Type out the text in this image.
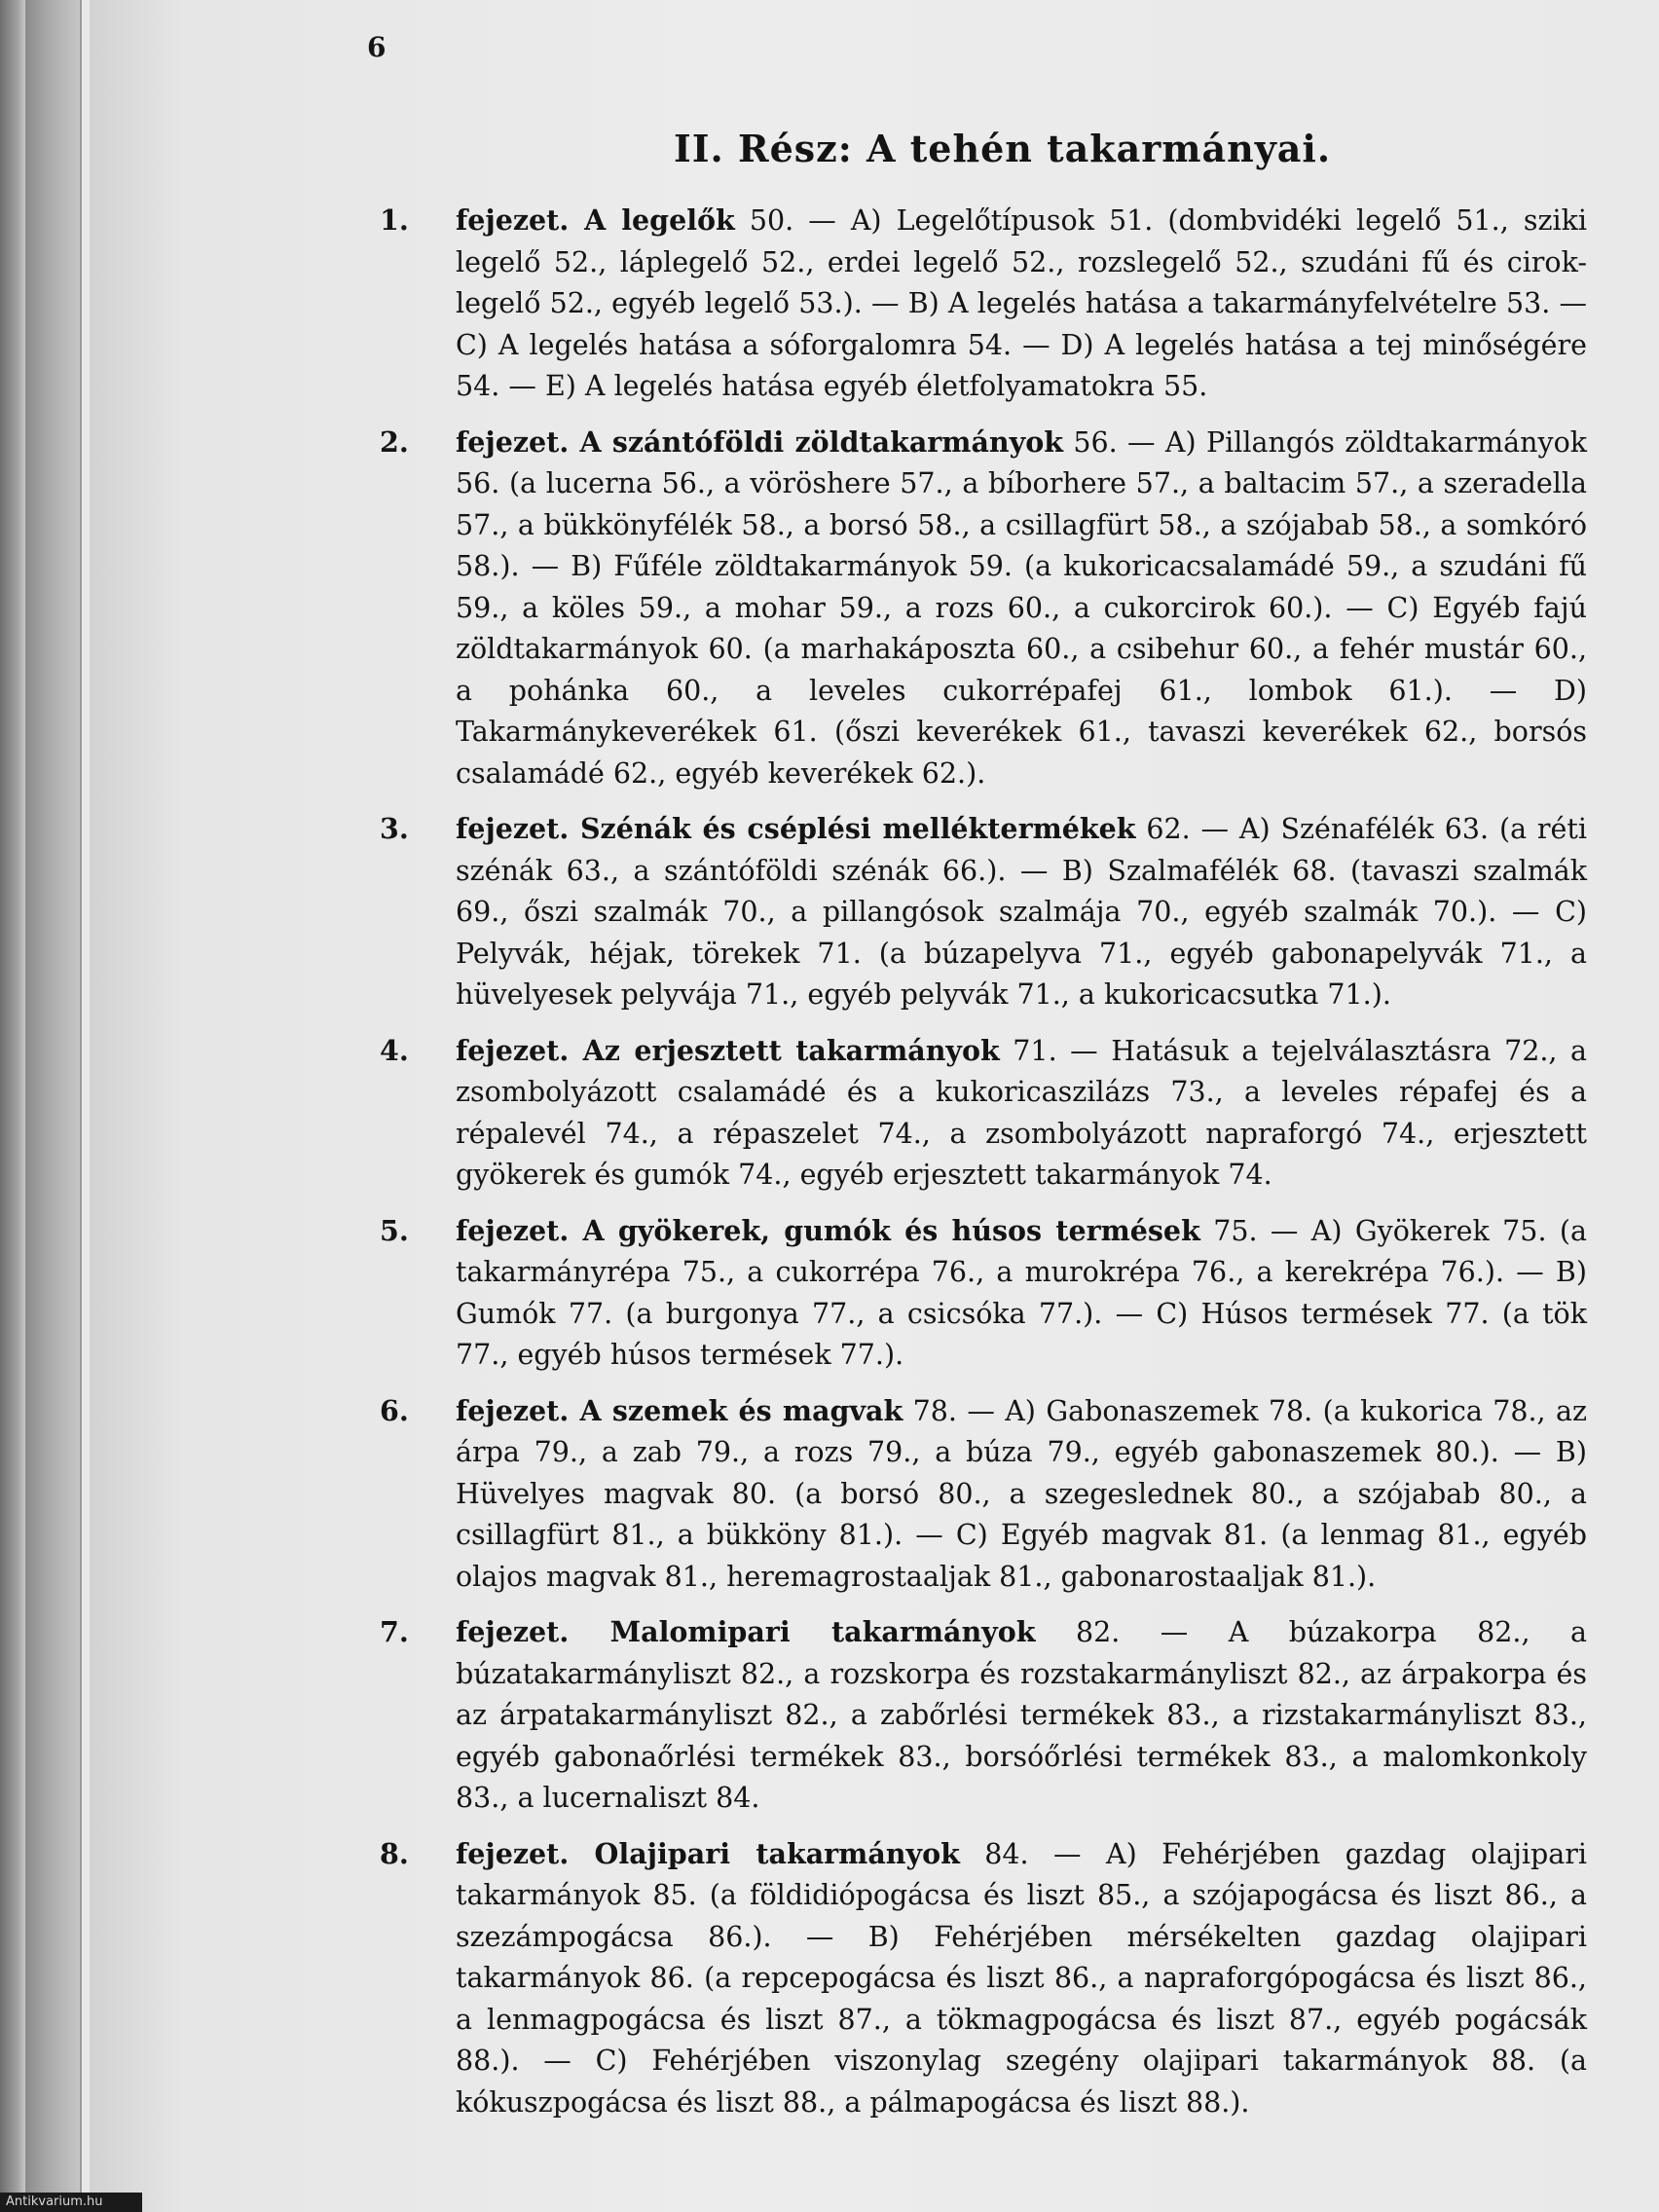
6
II. Rész: A tehén takarmányai.
1. fejezet. A legelők 50. — A) Legelőtípusok 51. (dombvidéki legelő 51., sziki legelő 52., láplegelő 52., erdei legelő 52., rozslegelő 52., szudáni fű és cirok-legelő 52., egyéb legelő 53.). — B) A legelés hatása a takarmányfelvételre 53. — C) A legelés hatása a sóforgalomra 54. — D) A legelés hatása a tej minőségére 54. — E) A legelés hatása egyéb életfolyamatokra 55.
2. fejezet. A szántóföldi zöldtakarmányok 56. — A) Pillangós zöldtakarmányok 56. (a lucerna 56., a vöröshere 57., a bíborhere 57., a baltacim 57., a szeradella 57., a bükkönyfélék 58., a borsó 58., a csillagfürt 58., a szójabab 58., a somkóró 58.). — B) Fűféle zöldtakarmányok 59. (a kukoricacsalamádé 59., a szudáni fű 59., a köles 59., a mohar 59., a rozs 60., a cukorcirok 60.). — C) Egyéb fajú zöldtakarmányok 60. (a marhakáposzta 60., a csibehur 60., a fehér mustár 60., a pohánka 60., a leveles cukorrépafej 61., lombok 61.). — D) Takarmánykeverékek 61. (őszi keverékek 61., tavaszi keverékek 62., borsós csalamádé 62., egyéb keverékek 62.).
3. fejezet. Szénák és cséplési melléktermékek 62. — A) Szénafélék 63. (a réti szénák 63., a szántóföldi szénák 66.). — B) Szalmafélék 68. (tavaszi szalmák 69., őszi szalmák 70., a pillangósok szalmája 70., egyéb szalmák 70.). — C) Pelyvák, héjak, törekek 71. (a búzapelyva 71., egyéb gabonapelyvák 71., a hüvelyesek pelyvája 71., egyéb pelyvák 71., a kukoricacsutka 71.).
4. fejezet. Az erjesztett takarmányok 71. — Hatásuk a tejelválasztásra 72., a zsombolyázott csalamádé és a kukoricaszilázs 73., a leveles répafej és a répalevél 74., a répaszelet 74., a zsombolyázott napraforgó 74., erjesztett gyökerek és gumók 74., egyéb erjesztett takarmányok 74.
5. fejezet. A gyökerek, gumók és húsos termések 75. — A) Gyökerek 75. (a takarmányrépa 75., a cukorrépa 76., a murokrépa 76., a kerekrépa 76.). — B) Gumók 77. (a burgonya 77., a csicsóka 77.). — C) Húsos termések 77. (a tök 77., egyéb húsos termések 77.).
6. fejezet. A szemek és magvak 78. — A) Gabonaszemek 78. (a kukorica 78., az árpa 79., a zab 79., a rozs 79., a búza 79., egyéb gabonaszemek 80.). — B) Hüvelyes magvak 80. (a borsó 80., a szegeslednek 80., a szójabab 80., a csillagfürt 81., a bükköny 81.). — C) Egyéb magvak 81. (a lenmag 81., egyéb olajos magvak 81., heremagrostaaljak 81., gabonarostaaljak 81.).
7. fejezet. Malomipari takarmányok 82. — A búzakorpa 82., a búzatakarmányliszt 82., a rozskorpa és rozstakarmányliszt 82., az árpakorpa és az árpatakarmányliszt 82., a zabőrlési termékek 83., a rizstakarmányliszt 83., egyéb gabonaőrlési termékek 83., borsóőrlési termékek 83., a malomkonkoly 83., a lucernaliszt 84.
8. fejezet. Olajipari takarmányok 84. — A) Fehérjében gazdag olajipari takarmányok 85. (a földidiópogácsa és liszt 85., a szójapogácsa és liszt 86., a szezámpogácsa 86.). — B) Fehérjében mérsékelten gazdag olajipari takarmányok 86. (a repcepogácsa és liszt 86., a napraforgópogácsa és liszt 86., a lenmagpogácsa és liszt 87., a tökmagpogácsa és liszt 87., egyéb pogácsák 88.). — C) Fehérjében viszonylag szegény olajipari takarmányok 88. (a kókuszpogácsa és liszt 88., a pálmapogácsa és liszt 88.).
Antikvarium.hu
